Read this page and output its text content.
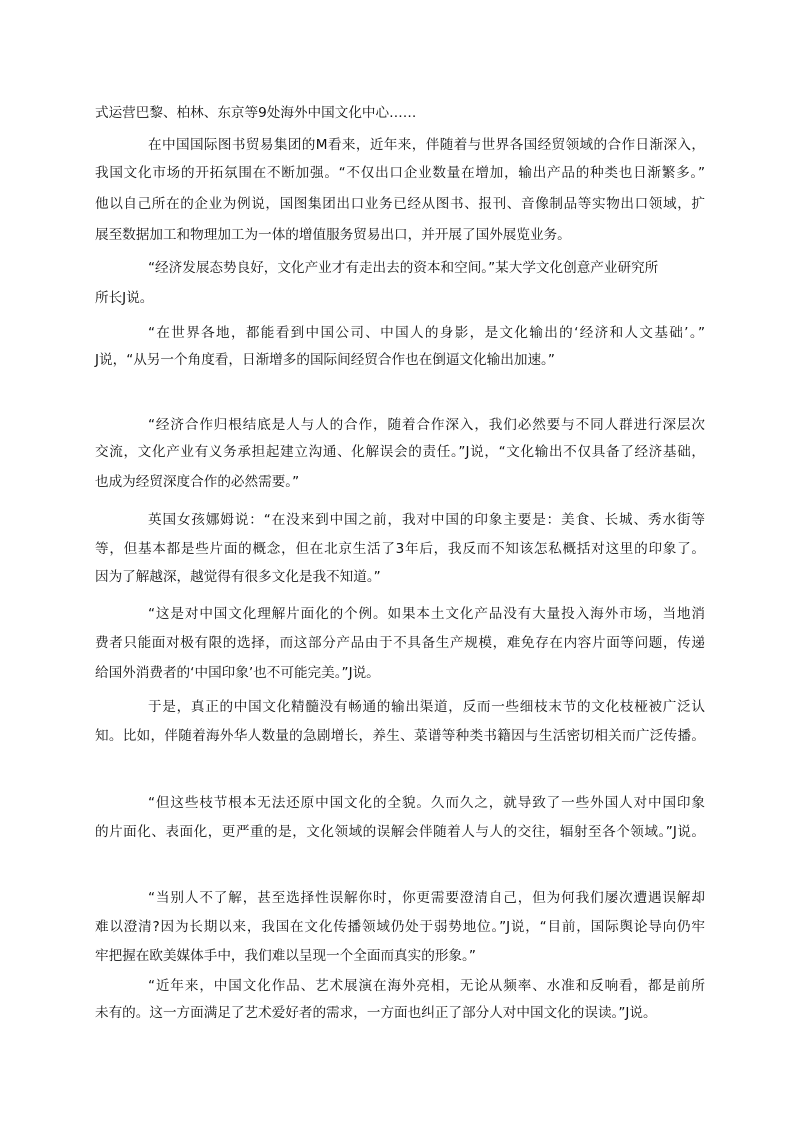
式运营巴黎、柏林、东京等9处海外中国文化中心……
在中国国际图书贸易集团的M看来，近年来，伴随着与世界各国经贸领域的合作日渐深入，
我国文化市场的开拓氛围在不断加强。“不仅出口企业数量在增加，输出产品的种类也日渐繁多。”
他以自己所在的企业为例说，国图集团出口业务已经从图书、报刊、音像制品等实物出口领域，扩
展至数据加工和物理加工为一体的增值服务贸易出口，并开展了国外展览业务。
“经济发展态势良好，文化产业才有走出去的资本和空间。”某大学文化创意产业研究所
所长J说。
“在世界各地，都能看到中国公司、中国人的身影，是文化输出的‘经济和人文基础’。”
J说，“从另一个角度看，日渐增多的国际间经贸合作也在倒逼文化输出加速。”
“经济合作归根结底是人与人的合作，随着合作深入，我们必然要与不同人群进行深层次
交流，文化产业有义务承担起建立沟通、化解误会的责任。”J说，“文化输出不仅具备了经济基础，
也成为经贸深度合作的必然需要。”
英国女孩娜姆说：“在没来到中国之前，我对中国的印象主要是：美食、长城、秀水街等
等，但基本都是些片面的概念，但在北京生活了3年后，我反而不知该怎私概括对这里的印象了。
因为了解越深，越觉得有很多文化是我不知道。”
“这是对中国文化理解片面化的个例。如果本土文化产品没有大量投入海外市场，当地消
费者只能面对极有限的选择，而这部分产品由于不具备生产规模，难免存在内容片面等问题，传递
给国外消费者的‘中国印象’也不可能完美。”J说。
于是，真正的中国文化精髓没有畅通的输出渠道，反而一些细枝末节的文化枝桠被广泛认
知。比如，伴随着海外华人数量的急剧增长，养生、菜谱等种类书籍因与生活密切相关而广泛传播。
“但这些枝节根本无法还原中国文化的全貌。久而久之，就导致了一些外国人对中国印象
的片面化、表面化，更严重的是，文化领域的误解会伴随着人与人的交往，辐射至各个领域。”J说。
“当别人不了解，甚至选择性误解你时，你更需要澄清自己，但为何我们屡次遭遇误解却
难以澄清?因为长期以来，我国在文化传播领域仍处于弱势地位。”J说，“目前，国际舆论导向仍牢
牢把握在欧美媒体手中，我们难以呈现一个全面而真实的形象。”
“近年来，中国文化作品、艺术展演在海外亮相，无论从频率、水准和反响看，都是前所
未有的。这一方面满足了艺术爱好者的需求，一方面也纠正了部分人对中国文化的误读。”J说。
